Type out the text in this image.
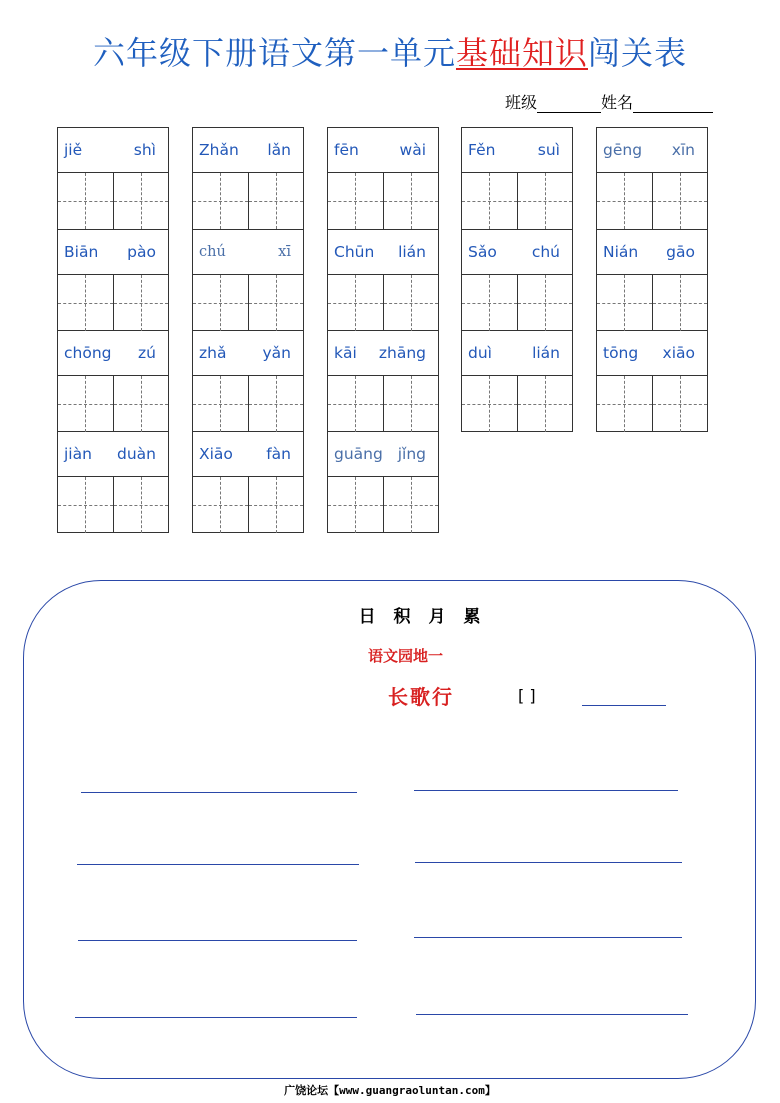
六年级下册语文第一单元基础知识闯关表
班级	姓名
jiě	shì
Biān pào
chōng zú
jiàn duàn
Zhǎn lǎn
chú	xī
zhǎ yǎn
Xiāo fàn
fēn	wài
Chūn lián
kāi zhāng
guāng jǐng
Fěn	suì
Sǎo chú
duì	lián
gēng xīn
Nián gāo
tōng xiāo
日 积 月 累
语文园地一
长歌行	[ ]
广饶论坛【www.guangraoluntan.com】
